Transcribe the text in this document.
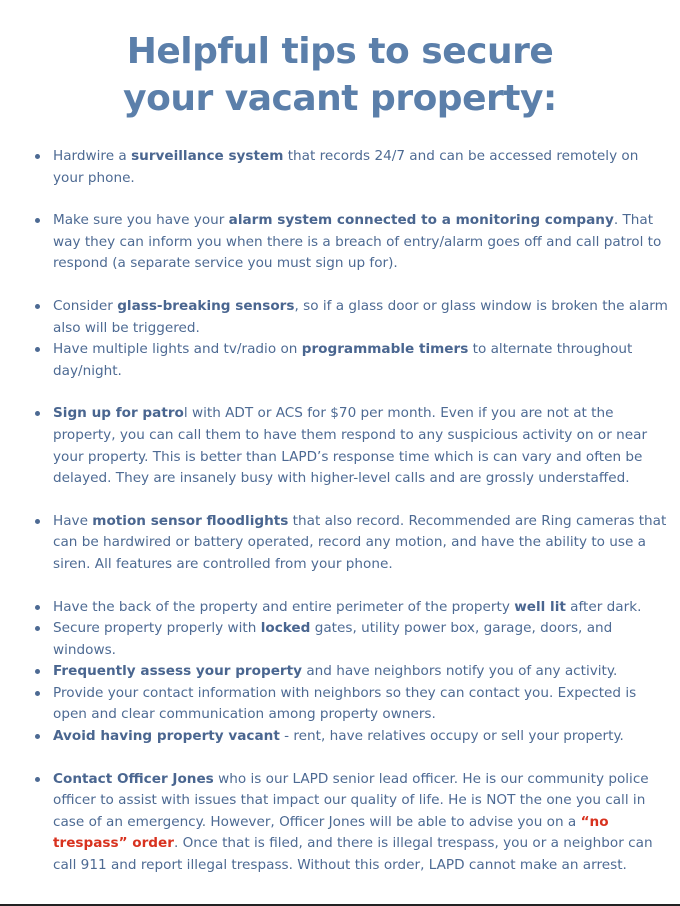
Helpful tips to secure
your vacant property:
Hardwire a surveillance system that records 24/7 and can be accessed remotely on your phone.
Make sure you have your alarm system connected to a monitoring company. That way they can inform you when there is a breach of entry/alarm goes off and call patrol to respond (a separate service you must sign up for).
Consider glass-breaking sensors, so if a glass door or glass window is broken the alarm also will be triggered.
Have multiple lights and tv/radio on programmable timers to alternate throughout day/night.
Sign up for patrol with ADT or ACS for $70 per month. Even if you are not at the property, you can call them to have them respond to any suspicious activity on or near your property. This is better than LAPD’s response time which is can vary and often be delayed. They are insanely busy with higher-level calls and are grossly understaffed.
Have motion sensor floodlights that also record. Recommended are Ring cameras that can be hardwired or battery operated, record any motion, and have the ability to use a siren. All features are controlled from your phone.
Have the back of the property and entire perimeter of the property well lit after dark.
Secure property properly with locked gates, utility power box, garage, doors, and windows.
Frequently assess your property and have neighbors notify you of any activity.
Provide your contact information with neighbors so they can contact you. Expected is open and clear communication among property owners.
Avoid having property vacant - rent, have relatives occupy or sell your property.
Contact Officer Jones who is our LAPD senior lead officer. He is our community police officer to assist with issues that impact our quality of life. He is NOT the one you call in case of an emergency. However, Officer Jones will be able to advise you on a “no trespass” order. Once that is filed, and there is illegal trespass, you or a neighbor can call 911 and report illegal trespass. Without this order, LAPD cannot make an arrest.
